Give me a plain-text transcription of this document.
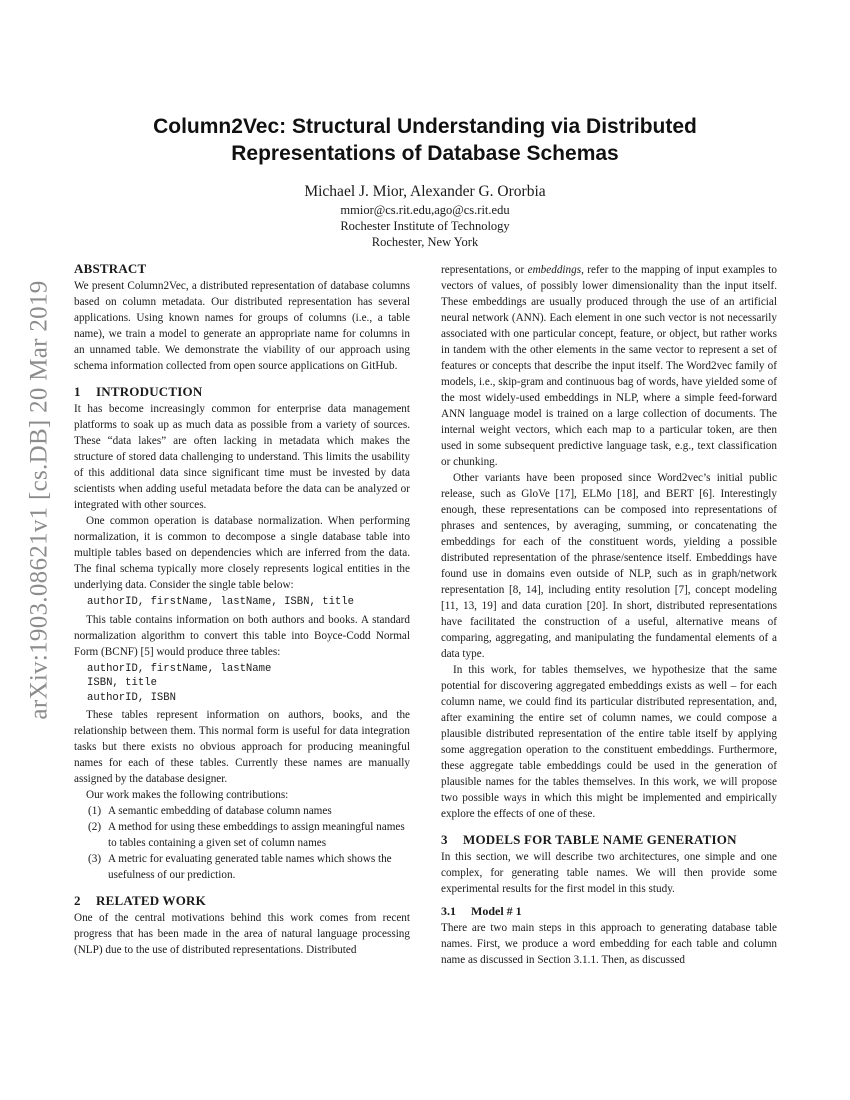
arXiv:1903.08621v1 [cs.DB] 20 Mar 2019
Column2Vec: Structural Understanding via Distributed
Representations of Database Schemas
Michael J. Mior, Alexander G. Ororbia
mmior@cs.rit.edu,ago@cs.rit.edu
Rochester Institute of Technology
Rochester, New York
ABSTRACT

We present Column2Vec, a distributed representation of database columns based on column metadata. Our distributed representation has several applications. Using known names for groups of columns (i.e., a table name), we train a model to generate an appropriate name for columns in an unnamed table. We demonstrate the viability of our approach using schema information collected from open source applications on GitHub.

1 INTRODUCTION

It has become increasingly common for enterprise data management platforms to soak up as much data as possible from a variety of sources. These “data lakes” are often lacking in metadata which makes the structure of stored data challenging to understand. This limits the usability of this additional data since significant time must be invested by data scientists when adding useful metadata before the data can be analyzed or integrated with other sources.

One common operation is database normalization. When performing normalization, it is common to decompose a single database table into multiple tables based on dependencies which are inferred from the data. The final schema typically more closely represents logical entities in the underlying data. Consider the single table below:

authorID, firstName, lastName, ISBN, title

This table contains information on both authors and books. A standard normalization algorithm to convert this table into Boyce-Codd Normal Form (BCNF) [5] would produce three tables:

authorID, firstName, lastName
ISBN, title
authorID, ISBN

These tables represent information on authors, books, and the relationship between them. This normal form is useful for data integration tasks but there exists no obvious approach for producing meaningful names for each of these tables. Currently these names are manually assigned by the database designer.

Our work makes the following contributions:

(1) A semantic embedding of database column names
(2) A method for using these embeddings to assign meaningful names to tables containing a given set of column names
(3) A metric for evaluating generated table names which shows the usefulness of our prediction.
2 RELATED WORK

One of the central motivations behind this work comes from recent progress that has been made in the area of natural language processing (NLP) due to the use of distributed representations. Distributed

representations, or embeddings, refer to the mapping of input examples to vectors of values, of possibly lower dimensionality than the input itself. These embeddings are usually produced through the use of an artificial neural network (ANN). Each element in one such vector is not necessarily associated with one particular concept, feature, or object, but rather works in tandem with the other elements in the same vector to represent a set of features or concepts that describe the input itself. The Word2vec family of models, i.e., skip-gram and continuous bag of words, have yielded some of the most widely-used embeddings in NLP, where a simple feed-forward ANN language model is trained on a large collection of documents. The internal weight vectors, which each map to a particular token, are then used in some subsequent predictive language task, e.g., text classification or chunking.

Other variants have been proposed since Word2vec’s initial public release, such as GloVe [17], ELMo [18], and BERT [6]. Interestingly enough, these representations can be composed into representations of phrases and sentences, by averaging, summing, or concatenating the embeddings for each of the constituent words, yielding a possible distributed representation of the phrase/sentence itself. Embeddings have found use in domains even outside of NLP, such as in graph/network representation [8, 14], including entity resolution [7], concept modeling [11, 13, 19] and data curation [20]. In short, distributed representations have facilitated the construction of a useful, alternative means of comparing, aggregating, and manipulating the fundamental elements of a data type.

In this work, for tables themselves, we hypothesize that the same potential for discovering aggregated embeddings exists as well – for each column name, we could find its particular distributed representation, and, after examining the entire set of column names, we could compose a plausible distributed representation of the entire table itself by applying some aggregation operation to the constituent embeddings. Furthermore, these aggregate table embeddings could be used in the generation of plausible names for the tables themselves. In this work, we will propose two possible ways in which this might be implemented and empirically explore the effects of one of these.

3 MODELS FOR TABLE NAME GENERATION

In this section, we will describe two architectures, one simple and one complex, for generating table names. We will then provide some experimental results for the first model in this study.

3.1 Model # 1

There are two main steps in this approach to generating database table names. First, we produce a word embedding for each table and column name as discussed in Section 3.1.1. Then, as discussed
